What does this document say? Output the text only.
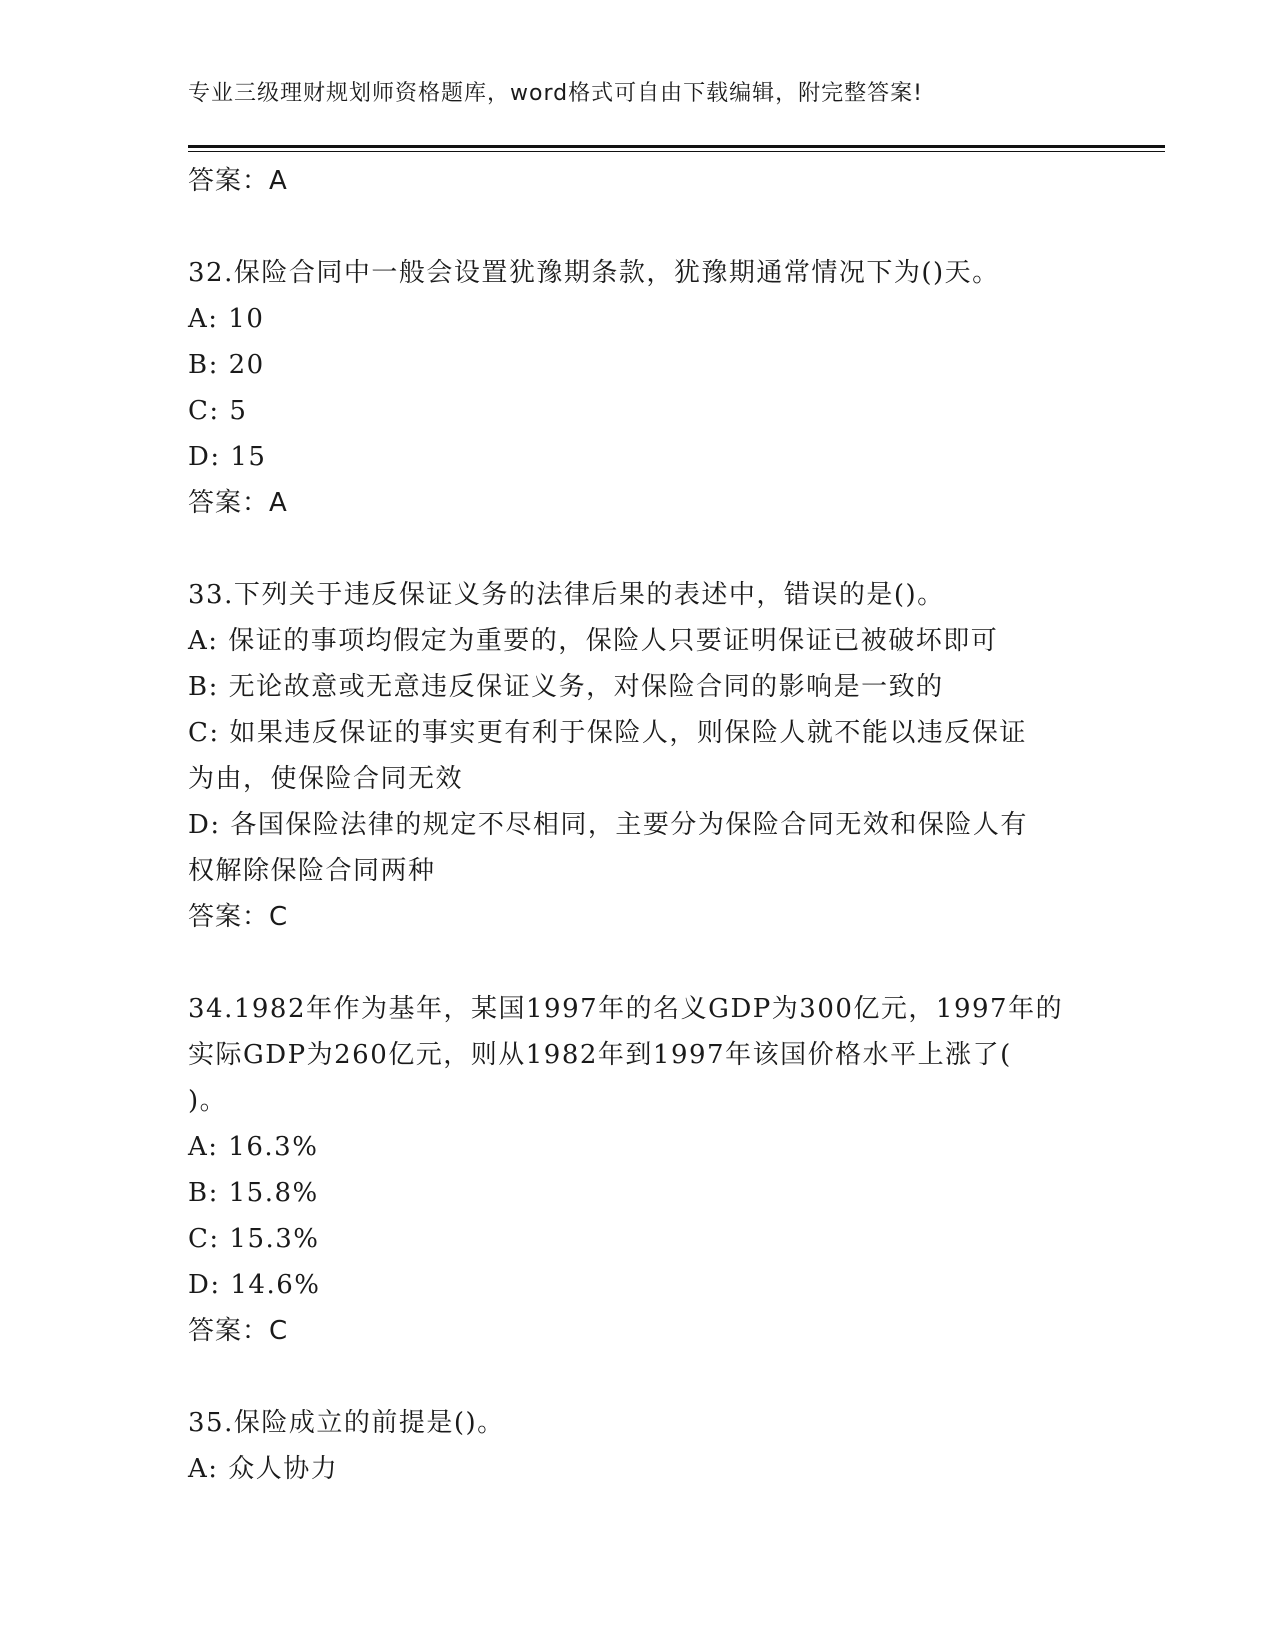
专业三级理财规划师资格题库，word格式可自由下载编辑，附完整答案!
答案：A
32.保险合同中一般会设置犹豫期条款，犹豫期通常情况下为()天。
A: 10
B: 20
C: 5
D: 15
答案：A
33.下列关于违反保证义务的法律后果的表述中，错误的是()。
A: 保证的事项均假定为重要的，保险人只要证明保证已被破坏即可
B: 无论故意或无意违反保证义务，对保险合同的影响是一致的
C: 如果违反保证的事实更有利于保险人，则保险人就不能以违反保证
为由，使保险合同无效
D: 各国保险法律的规定不尽相同，主要分为保险合同无效和保险人有
权解除保险合同两种
答案：C
34.1982年作为基年，某国1997年的名义GDP为300亿元，1997年的
实际GDP为260亿元，则从1982年到1997年该国价格水平上涨了(
)。
A: 16.3%
B: 15.8%
C: 15.3%
D: 14.6%
答案：C
35.保险成立的前提是()。
A: 众人协力
